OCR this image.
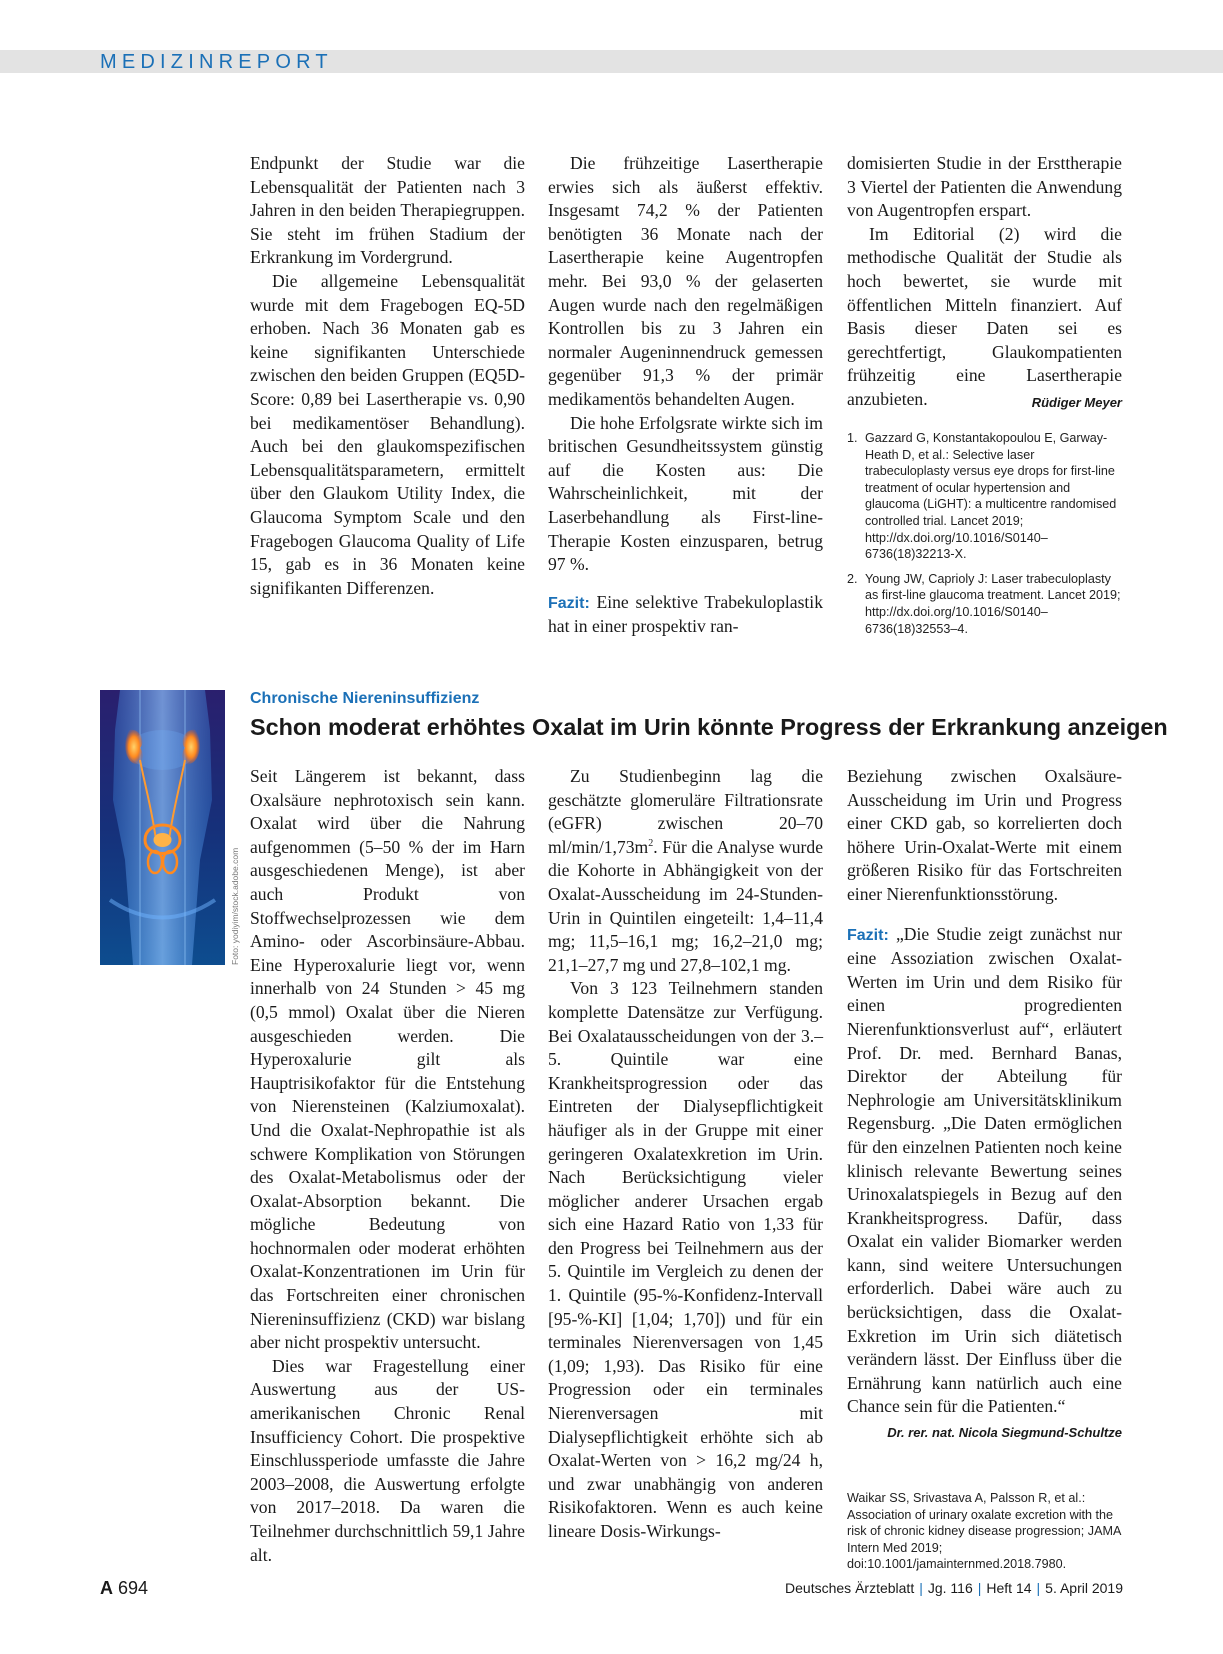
MEDIZINREPORT

Endpunkt der Studie war die Lebensqualität der Patienten nach 3 Jahren in den beiden Therapiegruppen. Sie steht im frühen Stadium der Erkrankung im Vordergrund.

Die allgemeine Lebensqualität wurde mit dem Fragebogen EQ-5D erhoben. Nach 36 Monaten gab es keine signifikanten Unterschiede zwischen den beiden Gruppen (EQ5D-Score: 0,89 bei Lasertherapie vs. 0,90 bei medikamentöser Behandlung). Auch bei den glaukomspezifischen Lebensqualitätsparametern, ermittelt über den Glaukom Utility Index, die Glaucoma Symptom Scale und den Fragebogen Glaucoma Quality of Life 15, gab es in 36 Monaten keine signifikanten Differenzen.

Die frühzeitige Lasertherapie erwies sich als äußerst effektiv. Insgesamt 74,2 % der Patienten benötigten 36 Monate nach der Lasertherapie keine Augentropfen mehr. Bei 93,0 % der gelaserten Augen wurde nach den regelmäßigen Kontrollen bis zu 3 Jahren ein normaler Augeninnendruck gemessen gegenüber 91,3 % der primär medikamentös behandelten Augen.

Die hohe Erfolgsrate wirkte sich im britischen Gesundheitssystem günstig auf die Kosten aus: Die Wahrscheinlichkeit, mit der Laserbehandlung als First-line-Therapie Kosten einzusparen, betrug 97 %.

Fazit: Eine selektive Trabekuloplastik hat in einer prospektiv ran-

domisierten Studie in der Ersttherapie 3 Viertel der Patienten die Anwendung von Augentropfen erspart.

Im Editorial (2) wird die methodische Qualität der Studie als hoch bewertet, sie wurde mit öffentlichen Mitteln finanziert. Auf Basis dieser Daten sei es gerechtfertigt, Glaukompatienten frühzeitig eine Lasertherapie anzubieten.	Rüdiger Meyer

1. Gazzard G, Konstantakopoulou E, Garway-Heath D, et al.: Selective laser trabeculoplasty versus eye drops for first-line treatment of ocular hypertension and glaucoma (LiGHT): a multicentre randomised controlled trial. Lancet 2019; http://dx.doi.org/10.1016/S0140–6736(18)32213-X.
2. Young JW, Caprioly J: Laser trabeculoplasty as first-line glaucoma treatment. Lancet 2019; http://dx.doi.org/10.1016/S0140–6736(18)32553–4.
Foto: yodiyim/stock.adobe.com
Chronische Niereninsuffizienz
Schon moderat erhöhtes Oxalat im Urin könnte Progress der Erkrankung anzeigen

Seit Längerem ist bekannt, dass Oxalsäure nephrotoxisch sein kann. Oxalat wird über die Nahrung aufgenommen (5–50 % der im Harn ausgeschiedenen Menge), ist aber auch Produkt von Stoffwechselprozessen wie dem Amino- oder Ascorbinsäure-Abbau. Eine Hyperoxalurie liegt vor, wenn innerhalb von 24 Stunden > 45 mg (0,5 mmol) Oxalat über die Nieren ausgeschieden werden. Die Hyperoxalurie gilt als Hauptrisikofaktor für die Entstehung von Nierensteinen (Kalziumoxalat). Und die Oxalat-Nephropathie ist als schwere Komplikation von Störungen des Oxalat-Metabolismus oder der Oxalat-Absorption bekannt. Die mögliche Bedeutung von hochnormalen oder moderat erhöhten Oxalat-Konzentrationen im Urin für das Fortschreiten einer chronischen Niereninsuffizienz (CKD) war bislang aber nicht prospektiv untersucht.

Dies war Fragestellung einer Auswertung aus der US-amerikanischen Chronic Renal Insufficiency Cohort. Die prospektive Einschlussperiode umfasste die Jahre 2003–2008, die Auswertung erfolgte von 2017–2018. Da waren die Teilnehmer durchschnittlich 59,1 Jahre alt.

Zu Studienbeginn lag die geschätzte glomeruläre Filtrationsrate (eGFR) zwischen 20–70 $ml/\min/1,73m^2$. Für die Analyse wurde die Kohorte in Abhängigkeit von der Oxalat-Ausscheidung im 24-Stunden-Urin in Quintilen eingeteilt: 1,4–11,4 mg; 11,5–16,1 mg; 16,2–21,0 mg; 21,1–27,7 mg und 27,8–102,1 mg.

Von 3 123 Teilnehmern standen komplette Datensätze zur Verfügung. Bei Oxalatausscheidungen von der 3.–5. Quintile war eine Krankheitsprogression oder das Eintreten der Dialysepflichtigkeit häufiger als in der Gruppe mit einer geringeren Oxalatexkretion im Urin. Nach Berücksichtigung vieler möglicher anderer Ursachen ergab sich eine Hazard Ratio von 1,33 für den Progress bei Teilnehmern aus der 5. Quintile im Vergleich zu denen der 1. Quintile (95-%-Konfidenz-Intervall [95-%-KI] [1,04; 1,70]) und für ein terminales Nierenversagen von 1,45 (1,09; 1,93). Das Risiko für eine Progression oder ein terminales Nierenversagen mit Dialysepflichtigkeit erhöhte sich ab Oxalat-Werten von > 16,2 mg/24 h, und zwar unabhängig von anderen Risikofaktoren. Wenn es auch keine lineare Dosis-Wirkungs-

Beziehung zwischen Oxalsäure-Ausscheidung im Urin und Progress einer CKD gab, so korrelierten doch höhere Urin-Oxalat-Werte mit einem größeren Risiko für das Fortschreiten einer Nierenfunktionsstörung.

Fazit: „Die Studie zeigt zunächst nur eine Assoziation zwischen Oxalat-Werten im Urin und dem Risiko für einen progredienten Nierenfunktionsverlust auf“, erläutert Prof. Dr. med. Bernhard Banas, Direktor der Abteilung für Nephrologie am Universitätsklinikum Regensburg. „Die Daten ermöglichen für den einzelnen Patienten noch keine klinisch relevante Bewertung seines Urinoxalatspiegels in Bezug auf den Krankheitsprogress. Dafür, dass Oxalat ein valider Biomarker werden kann, sind weitere Untersuchungen erforderlich. Dabei wäre auch zu berücksichtigen, dass die Oxalat-Exkretion im Urin sich diätetisch verändern lässt. Der Einfluss über die Ernährung kann natürlich auch eine Chance sein für die Patienten.“

Dr. rer. nat. Nicola Siegmund-Schultze
Waikar SS, Srivastava A, Palsson R, et al.: Association of urinary oxalate excretion with the risk of chronic kidney disease progression; JAMA Intern Med 2019; doi:10.1001/jamainternmed.2018.7980.
A 694	Deutsches Ärzteblatt | Jg. 116 | Heft 14 | 5. April 2019
